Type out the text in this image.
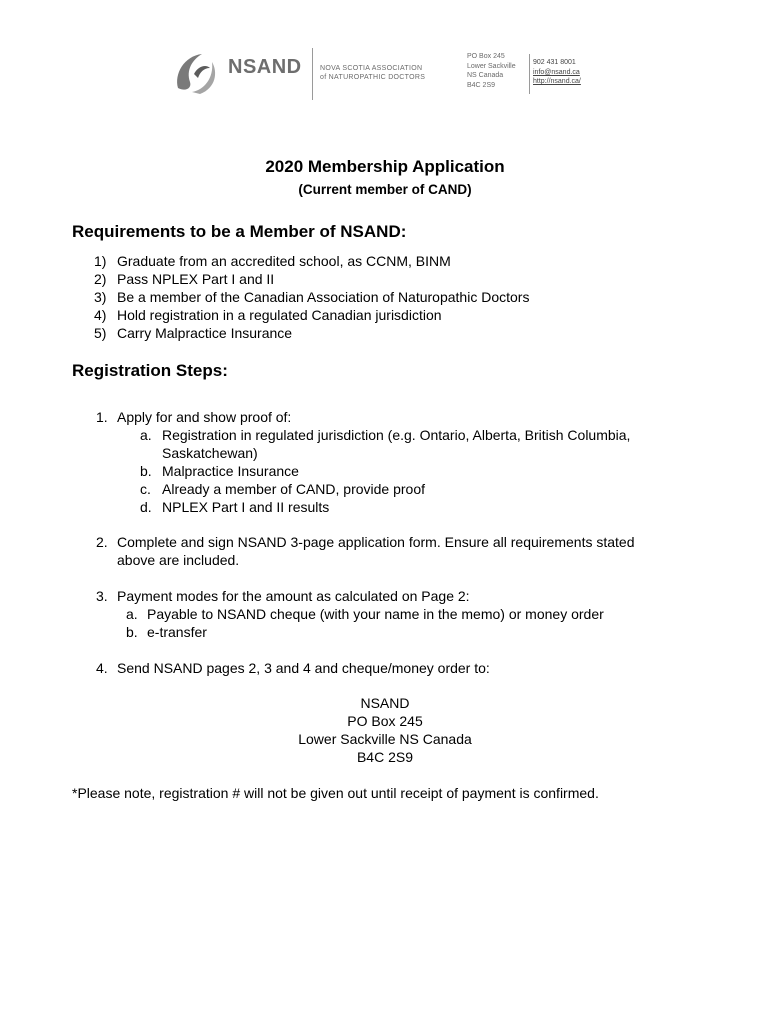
NSAND	NOVA SCOTIA ASSOCIATION
of NATUROPATHIC DOCTORS
PO Box 245
Lower Sackville
NS Canada
B4C 2S9
902 431 8001
info@nsand.ca
http://nsand.ca/
2020 Membership Application
(Current member of CAND)
Requirements to be a Member of NSAND:
1) Graduate from an accredited school, as CCNM, BINM
2) Pass NPLEX Part I and II
3) Be a member of the Canadian Association of Naturopathic Doctors
4) Hold registration in a regulated Canadian jurisdiction
5) Carry Malpractice Insurance
Registration Steps:
1. Apply for and show proof of:
a. Registration in regulated jurisdiction (e.g. Ontario, Alberta, British Columbia,
Saskatchewan)
b. Malpractice Insurance
c. Already a member of CAND, provide proof
d. NPLEX Part I and II results
2. Complete and sign NSAND 3-page application form. Ensure all requirements stated
above are included.
3. Payment modes for the amount as calculated on Page 2:
a. Payable to NSAND cheque (with your name in the memo) or money order
b. e-transfer
4. Send NSAND pages 2, 3 and 4 and cheque/money order to:
NSAND
PO Box 245
Lower Sackville NS Canada
B4C 2S9
*Please note, registration # will not be given out until receipt of payment is confirmed.
